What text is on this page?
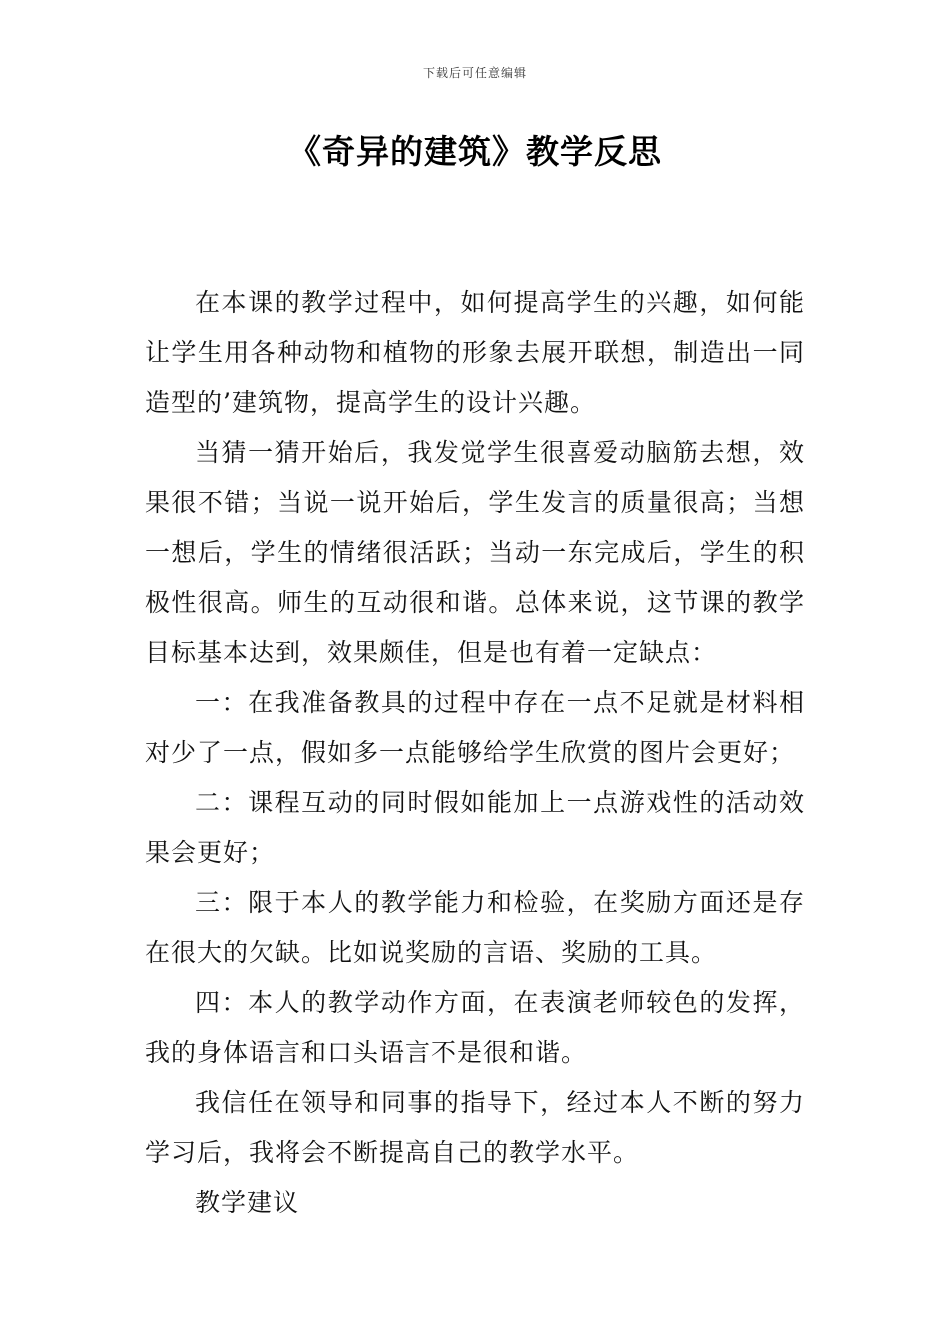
下载后可任意编辑
《奇异的建筑》教学反思

在本课的教学过程中，如何提高学生的兴趣，如何能让学生用各种动物和植物的形象去展开联想，制造出一同造型的’建筑物，提高学生的设计兴趣。

当猜一猜开始后，我发觉学生很喜爱动脑筋去想，效果很不错；当说一说开始后，学生发言的质量很高；当想一想后，学生的情绪很活跃；当动一东完成后，学生的积极性很高。师生的互动很和谐。总体来说，这节课的教学目标基本达到，效果颇佳，但是也有着一定缺点：

一：在我准备教具的过程中存在一点不足就是材料相对少了一点，假如多一点能够给学生欣赏的图片会更好；

二：课程互动的同时假如能加上一点游戏性的活动效果会更好；

三：限于本人的教学能力和检验，在奖励方面还是存在很大的欠缺。比如说奖励的言语、奖励的工具。

四：本人的教学动作方面，在表演老师较色的发挥，我的身体语言和口头语言不是很和谐。

我信任在领导和同事的指导下，经过本人不断的努力学习后，我将会不断提高自己的教学水平。

教学建议
